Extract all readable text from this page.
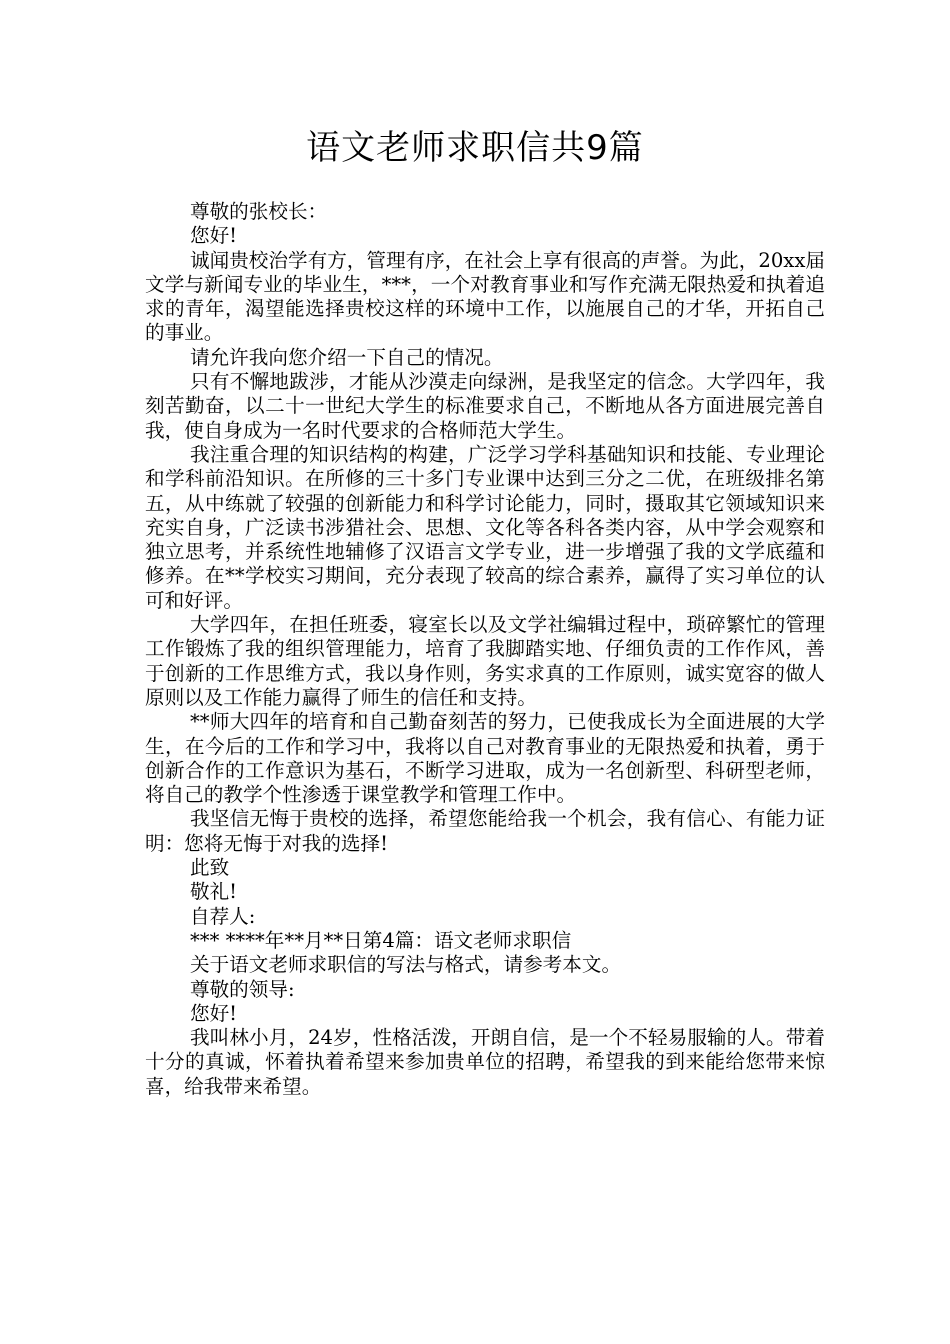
语文老师求职信共9篇

尊敬的张校长：

您好!

诚闻贵校治学有方，管理有序，在社会上享有很高的声誉。为此，20xx届文学与新闻专业的毕业生，***，一个对教育事业和写作充满无限热爱和执着追求的青年，渴望能选择贵校这样的环境中工作，以施展自己的才华，开拓自己的事业。

请允许我向您介绍一下自己的情况。

只有不懈地跋涉，才能从沙漠走向绿洲，是我坚定的信念。大学四年，我刻苦勤奋，以二十一世纪大学生的标准要求自己，不断地从各方面进展完善自我，使自身成为一名时代要求的合格师范大学生。

我注重合理的知识结构的构建，广泛学习学科基础知识和技能、专业理论和学科前沿知识。在所修的三十多门专业课中达到三分之二优，在班级排名第五，从中练就了较强的创新能力和科学讨论能力，同时，摄取其它领域知识来充实自身，广泛读书涉猎社会、思想、文化等各科各类内容，从中学会观察和独立思考，并系统性地辅修了汉语言文学专业，进一步增强了我的文学底蕴和修养。在**学校实习期间，充分表现了较高的综合素养，赢得了实习单位的认可和好评。

大学四年，在担任班委，寝室长以及文学社编辑过程中，琐碎繁忙的管理工作锻炼了我的组织管理能力，培育了我脚踏实地、仔细负责的工作作风，善于创新的工作思维方式，我以身作则，务实求真的工作原则，诚实宽容的做人原则以及工作能力赢得了师生的信任和支持。

**师大四年的培育和自己勤奋刻苦的努力，已使我成长为全面进展的大学生，在今后的工作和学习中，我将以自己对教育事业的无限热爱和执着，勇于创新合作的工作意识为基石，不断学习进取，成为一名创新型、科研型老师，将自己的教学个性渗透于课堂教学和管理工作中。

我坚信无悔于贵校的选择，希望您能给我一个机会，我有信心、有能力证明：您将无悔于对我的选择!

此致

敬礼!

自荐人:

*** ****年**月**日第4篇：语文老师求职信

关于语文老师求职信的写法与格式，请参考本文。

尊敬的领导:

您好!

我叫林小月，24岁，性格活泼，开朗自信，是一个不轻易服输的人。带着十分的真诚，怀着执着希望来参加贵单位的招聘，希望我的到来能给您带来惊喜，给我带来希望。
